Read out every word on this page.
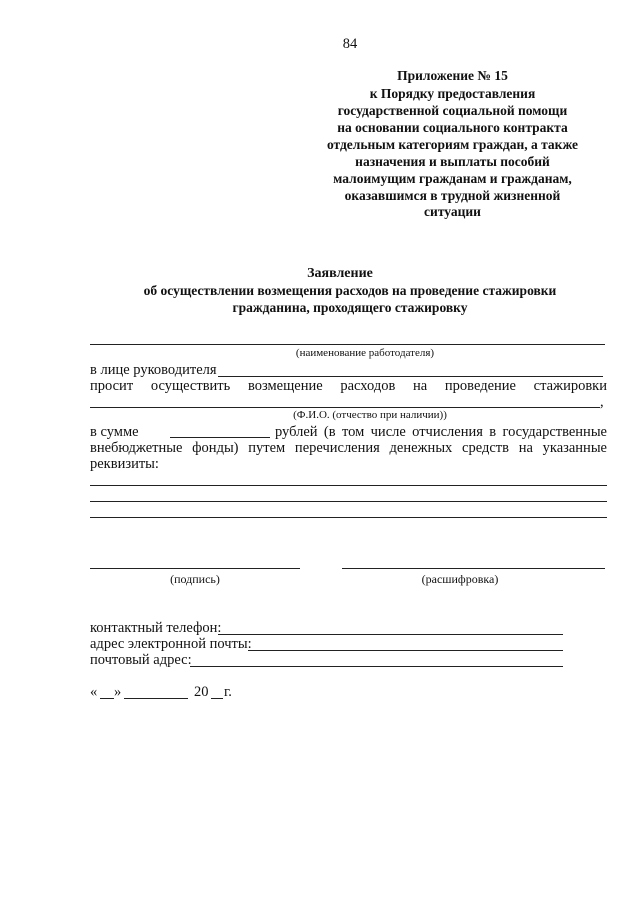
84
Приложение № 15
к Порядку предоставления
государственной социальной помощи
на основании социального контракта
отдельным категориям граждан, а также
назначения и выплаты пособий
малоимущим гражданам и гражданам,
оказавшимся в трудной жизненной
ситуации
Заявление
об осуществлении возмещения расходов на проведение стажировки
гражданина, проходящего стажировку
(наименование работодателя)
в лице руководителя
просит осуществить возмещение расходов на проведение стажировки
,
(Ф.И.О. (отчество при наличии))
в сумме	рублей (в том числе отчисления в государственные
внебюджетные фонды) путем перечисления денежных средств на указанные
реквизиты:
(подпись)	(расшифровка)
контактный телефон:
адрес электронной почты:
почтовый адрес:
« »	20 г.
